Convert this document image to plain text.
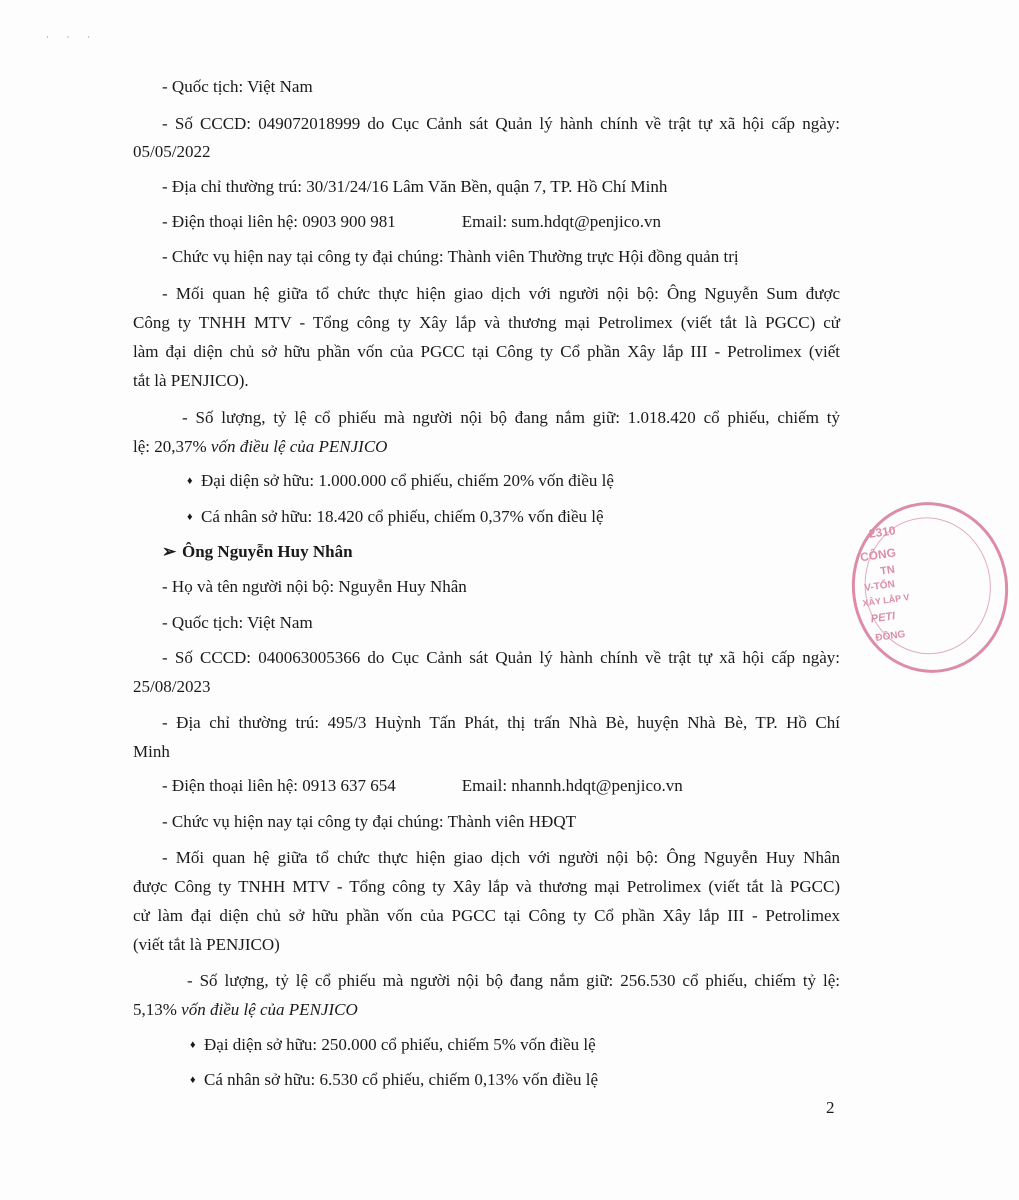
· · ·
- Quốc tịch: Việt Nam
- Số CCCD: 049072018999 do Cục Cảnh sát Quản lý hành chính về trật tự xã hội cấp ngày:
05/05/2022
- Địa chỉ thường trú: 30/31/24/16 Lâm Văn Bền, quận 7, TP. Hồ Chí Minh
- Điện thoại liên hệ: 0903 900 981	Email: sum.hdqt@penjico.vn
- Chức vụ hiện nay tại công ty đại chúng: Thành viên Thường trực Hội đồng quản trị
- Mối quan hệ giữa tổ chức thực hiện giao dịch với người nội bộ: Ông Nguyễn Sum được
Công ty TNHH MTV - Tổng công ty Xây lắp và thương mại Petrolimex (viết tắt là PGCC) cử
làm đại diện chủ sở hữu phần vốn của PGCC tại Công ty Cổ phần Xây lắp III - Petrolimex (viết
tắt là PENJICO).
- Số lượng, tỷ lệ cổ phiếu mà người nội bộ đang nắm giữ: 1.018.420 cổ phiếu, chiếm tỷ
lệ: 20,37% vốn điều lệ của PENJICO
♦ Đại diện sở hữu: 1.000.000 cổ phiếu, chiếm 20% vốn điều lệ
♦ Cá nhân sở hữu: 18.420 cổ phiếu, chiếm 0,37% vốn điều lệ
➢ Ông Nguyễn Huy Nhân
- Họ và tên người nội bộ: Nguyễn Huy Nhân
- Quốc tịch: Việt Nam
- Số CCCD: 040063005366 do Cục Cảnh sát Quản lý hành chính về trật tự xã hội cấp ngày:
25/08/2023
- Địa chỉ thường trú: 495/3 Huỳnh Tấn Phát, thị trấn Nhà Bè, huyện Nhà Bè, TP. Hồ Chí
Minh
- Điện thoại liên hệ: 0913 637 654	Email: nhannh.hdqt@penjico.vn
- Chức vụ hiện nay tại công ty đại chúng: Thành viên HĐQT
- Mối quan hệ giữa tổ chức thực hiện giao dịch với người nội bộ: Ông Nguyễn Huy Nhân
được Công ty TNHH MTV - Tổng công ty Xây lắp và thương mại Petrolimex (viết tắt là PGCC)
cử làm đại diện chủ sở hữu phần vốn của PGCC tại Công ty Cổ phần Xây lắp III - Petrolimex
(viết tắt là PENJICO)
- Số lượng, tỷ lệ cổ phiếu mà người nội bộ đang nắm giữ: 256.530 cổ phiếu, chiếm tỷ lệ:
5,13% vốn điều lệ của PENJICO
♦ Đại diện sở hữu: 250.000 cổ phiếu, chiếm 5% vốn điều lệ
♦ Cá nhân sở hữu: 6.530 cổ phiếu, chiếm 0,13% vốn điều lệ
2
2310
CÔNG
TN
V-TỔN
XÂY LẮP V
PETI
ĐỒNG
